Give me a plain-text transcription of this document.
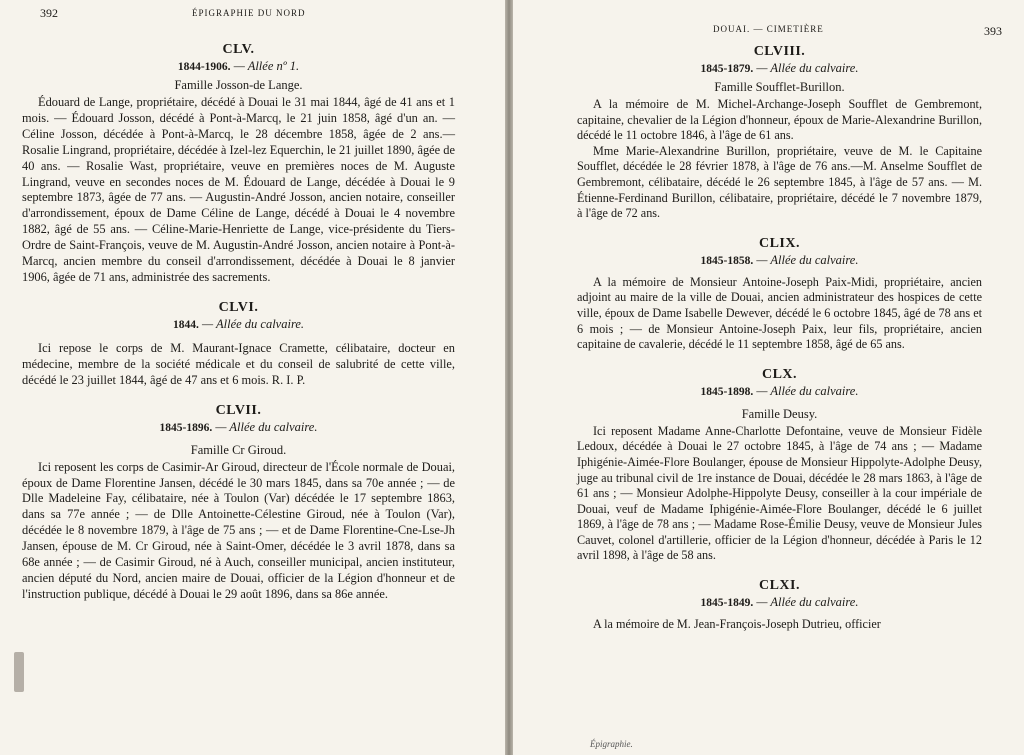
392	ÉPIGRAPHIE DU NORD
CLV.
1844-1906. — Allée nº 1.
Famille Josson-de Lange.
Édouard de Lange, propriétaire, décédé à Douai le 31 mai 1844, âgé de 41 ans et 1 mois. — Édouard Josson, décédé à Pont-à-Marcq, le 21 juin 1858, âgé d'un an. — Céline Josson, décédée à Pont-à-Marcq, le 28 décembre 1858, âgée de 2 ans.— Rosalie Lingrand, propriétaire, décédée à Izel-lez Equerchin, le 21 juillet 1890, âgée de 40 ans. — Rosalie Wast, propriétaire, veuve en premières noces de M. Auguste Lingrand, veuve en secondes noces de M. Édouard de Lange, décédée à Douai le 9 septembre 1873, âgée de 77 ans. — Augustin-André Josson, ancien notaire, conseiller d'arrondissement, époux de Dame Céline de Lange, décédé à Douai le 4 novembre 1882, âgé de 55 ans. — Céline-Marie-Henriette de Lange, vice-présidente du Tiers-Ordre de Saint-François, veuve de M. Augustin-André Josson, ancien notaire à Pont-à-Marcq, ancien membre du conseil d'arrondissement, décédée à Douai le 8 janvier 1906, âgée de 71 ans, administrée des sacrements.
CLVI.
1844. — Allée du calvaire.
Ici repose le corps de M. Maurant-Ignace Cramette, célibataire, docteur en médecine, membre de la société médicale et du conseil de salubrité de cette ville, décédé le 23 juillet 1844, âgé de 47 ans et 6 mois. R. I. P.
CLVII.
1845-1896. — Allée du calvaire.
Famille Cr Giroud.
Ici reposent les corps de Casimir-Ar Giroud, directeur de l'École normale de Douai, époux de Dame Florentine Jansen, décédé le 30 mars 1845, dans sa 70e année ; — de Dlle Madeleine Fay, célibataire, née à Toulon (Var) décédée le 17 septembre 1863, dans sa 77e année ; — de Dlle Antoinette-Célestine Giroud, née à Toulon (Var), décédée le 8 novembre 1879, à l'âge de 75 ans ; — et de Dame Florentine-Cne-Lse-Jh Jansen, épouse de M. Cr Giroud, née à Saint-Omer, décédée le 3 avril 1878, dans sa 68e année ; — de Casimir Giroud, né à Auch, conseiller municipal, ancien instituteur, ancien député du Nord, ancien maire de Douai, officier de la Légion d'honneur et de l'instruction publique, décédé à Douai le 29 août 1896, dans sa 86e année.
DOUAI. — CIMETIÈRE	393
CLVIII.
1845-1879. — Allée du calvaire.
Famille Soufflet-Burillon.

A la mémoire de M. Michel-Archange-Joseph Soufflet de Gembremont, capitaine, chevalier de la Légion d'honneur, époux de Marie-Alexandrine Burillon, décédé le 11 octobre 1846, à l'âge de 61 ans.

Mme Marie-Alexandrine Burillon, propriétaire, veuve de M. le Capitaine Soufflet, décédée le 28 février 1878, à l'âge de 76 ans.—M. Anselme Soufflet de Gembremont, célibataire, décédé le 26 septembre 1845, à l'âge de 57 ans. — M. Étienne-Ferdinand Burillon, célibataire, propriétaire, décédé le 7 novembre 1879, à l'âge de 72 ans.

CLIX.
1845-1858. — Allée du calvaire.

A la mémoire de Monsieur Antoine-Joseph Paix-Midi, propriétaire, ancien adjoint au maire de la ville de Douai, ancien administrateur des hospices de cette ville, époux de Dame Isabelle Dewever, décédé le 6 octobre 1845, âgé de 78 ans et 6 mois ; — de Monsieur Antoine-Joseph Paix, leur fils, propriétaire, ancien capitaine de cavalerie, décédé le 11 septembre 1858, âgé de 65 ans.

CLX.
1845-1898. — Allée du calvaire.
Famille Deusy.

Ici reposent Madame Anne-Charlotte Defontaine, veuve de Monsieur Fidèle Ledoux, décédée à Douai le 27 octobre 1845, à l'âge de 74 ans ; — Madame Iphigénie-Aimée-Flore Boulanger, épouse de Monsieur Hippolyte-Adolphe Deusy, juge au tribunal civil de 1re instance de Douai, décédée le 28 mars 1863, à l'âge de 61 ans ; — Monsieur Adolphe-Hippolyte Deusy, conseiller à la cour impériale de Douai, veuf de Madame Iphigénie-Aimée-Flore Boulanger, décédé le 6 juillet 1869, à l'âge de 78 ans ; — Madame Rose-Émilie Deusy, veuve de Monsieur Jules Cauvet, colonel d'artillerie, officier de la Légion d'honneur, décédée à Paris le 12 avril 1898, à l'âge de 58 ans.

CLXI.
1845-1849. — Allée du calvaire.

A la mémoire de M. Jean-François-Joseph Dutrieu, officier

Épigraphie.
